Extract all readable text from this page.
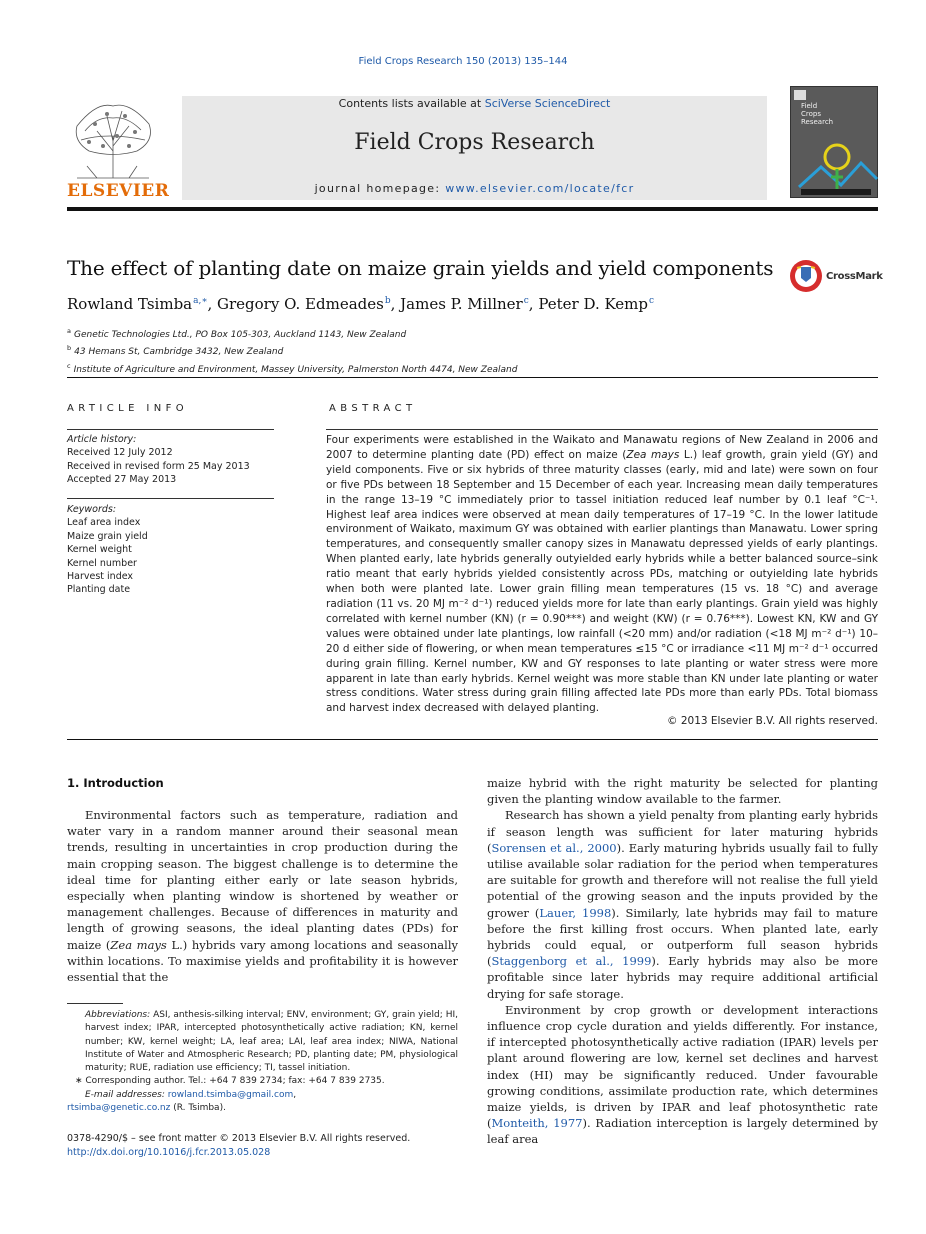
Field Crops Research 150 (2013) 135–144
ELSEVIER
Contents lists available at SciVerse ScienceDirect
Field Crops Research
journal homepage: www.elsevier.com/locate/fcr
Field
Crops
Research
The effect of planting date on maize grain yields and yield components	CrossMark
Rowland Tsimba$^{a,∗}$, Gregory O. Edmeades$^b$, James P. Millner$^c$, Peter D. Kemp$^c$
$^a$ Genetic Technologies Ltd., PO Box 105-303, Auckland 1143, New Zealand
$^b$ 43 Hemans St, Cambridge 3432, New Zealand
$^c$ Institute of Agriculture and Environment, Massey University, Palmerston North 4474, New Zealand
ARTICLE INFO
Article history:
Received 12 July 2012
Received in revised form 25 May 2013
Accepted 27 May 2013
Keywords:
Leaf area index
Maize grain yield
Kernel weight
Kernel number
Harvest index
Planting date
ABSTRACT
Four experiments were established in the Waikato and Manawatu regions of New Zealand in 2006 and 2007 to determine planting date (PD) effect on maize (Zea mays L.) leaf growth, grain yield (GY) and yield components. Five or six hybrids of three maturity classes (early, mid and late) were sown on four or five PDs between 18 September and 15 December of each year. Increasing mean daily temperatures in the range 13–19 °C immediately prior to tassel initiation reduced leaf number by 0.1 leaf °C⁻¹. Highest leaf area indices were observed at mean daily temperatures of 17–19 °C. In the lower latitude environment of Waikato, maximum GY was obtained with earlier plantings than Manawatu. Lower spring temperatures, and consequently smaller canopy sizes in Manawatu depressed yields of early plantings. When planted early, late hybrids generally outyielded early hybrids while a better balanced source–sink ratio meant that early hybrids yielded consistently across PDs, matching or outyielding late hybrids when both were planted late. Lower grain filling mean temperatures (15 vs. 18 °C) and average radiation (11 vs. 20 MJ m⁻² d⁻¹) reduced yields more for late than early plantings. Grain yield was highly correlated with kernel number (KN) (r = 0.90***) and weight (KW) (r = 0.76***). Lowest KN, KW and GY values were obtained under late plantings, low rainfall (<20 mm) and/or radiation (<18 MJ m⁻² d⁻¹) 10–20 d either side of flowering, or when mean temperatures ≤15 °C or irradiance <11 MJ m⁻² d⁻¹ occurred during grain filling. Kernel number, KW and GY responses to late planting or water stress were more apparent in late than early hybrids. Kernel weight was more stable than KN under late planting or water stress conditions. Water stress during grain filling affected late PDs more than early PDs. Total biomass and harvest index decreased with delayed planting.
© 2013 Elsevier B.V. All rights reserved.
1. Introduction

Environmental factors such as temperature, radiation and water vary in a random manner around their seasonal mean trends, resulting in uncertainties in crop production during the main cropping season. The biggest challenge is to determine the ideal time for planting either early or late season hybrids, especially when planting window is shortened by weather or management challenges. Because of differences in maturity and length of growing seasons, the ideal planting dates (PDs) for maize (Zea mays L.) hybrids vary among locations and seasonally within locations. To maximise yields and profitability it is however essential that the

maize hybrid with the right maturity be selected for planting given the planting window available to the farmer.

Research has shown a yield penalty from planting early hybrids if season length was sufficient for later maturing hybrids (Sorensen et al., 2000). Early maturing hybrids usually fail to fully utilise available solar radiation for the period when temperatures are suitable for growth and therefore will not realise the full yield potential of the growing season and the inputs provided by the grower (Lauer, 1998). Similarly, late hybrids may fail to mature before the first killing frost occurs. When planted late, early hybrids could equal, or outperform full season hybrids (Staggenborg et al., 1999). Early hybrids may also be more profitable since later hybrids may require additional artificial drying for safe storage.

Environment by crop growth or development interactions influence crop cycle duration and yields differently. For instance, if intercepted photosynthetically active radiation (IPAR) levels per plant around flowering are low, kernel set declines and harvest index (HI) may be significantly reduced. Under favourable growing conditions, assimilate production rate, which determines maize yields, is driven by IPAR and leaf photosynthetic rate (Monteith, 1977). Radiation interception is largely determined by leaf area

Abbreviations: ASI, anthesis-silking interval; ENV, environment; GY, grain yield; HI, harvest index; IPAR, intercepted photosynthetically active radiation; KN, kernel number; KW, kernel weight; LA, leaf area; LAI, leaf area index; NIWA, National Institute of Water and Atmospheric Research; PD, planting date; PM, physiological maturity; RUE, radiation use efficiency; TI, tassel initiation.
∗ Corresponding author. Tel.: +64 7 839 2734; fax: +64 7 839 2735.
E-mail addresses: rowland.tsimba@gmail.com,
rtsimba@genetic.co.nz (R. Tsimba).
0378-4290/$ – see front matter © 2013 Elsevier B.V. All rights reserved.
http://dx.doi.org/10.1016/j.fcr.2013.05.028
